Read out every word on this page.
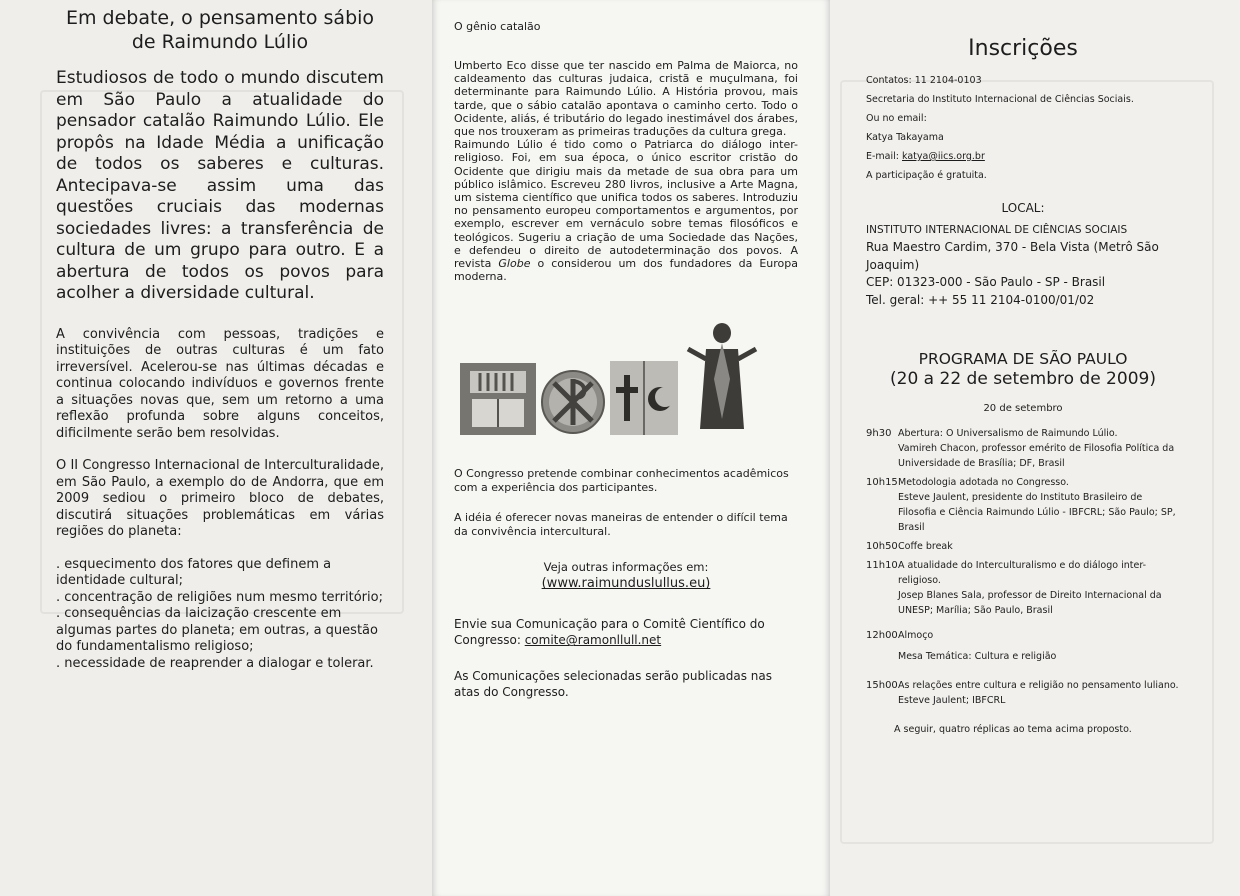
Em debate, o pensamento sábio de Raimundo Lúlio

Estudiosos de todo o mundo discutem em São Paulo a atualidade do pensador catalão Raimundo Lúlio. Ele propôs na Idade Média a unificação de todos os saberes e culturas. Antecipava-se assim uma das questões cruciais das modernas sociedades livres: a transferência de cultura de um grupo para outro. E a abertura de todos os povos para acolher a diversidade cultural.

A convivência com pessoas, tradições e instituições de outras culturas é um fato irreversível. Acelerou-se nas últimas décadas e continua colocando indivíduos e governos frente a situações novas que, sem um retorno a uma reflexão profunda sobre alguns conceitos, dificilmente serão bem resolvidas.

O II Congresso Internacional de Interculturalidade, em São Paulo, a exemplo do de Andorra, que em 2009 sediou o primeiro bloco de debates, discutirá situações problemáticas em várias regiões do planeta:

. esquecimento dos fatores que definem a identidade cultural;
. concentração de religiões num mesmo território;
. consequências da laicização crescente em algumas partes do planeta; em outras, a questão do fundamentalismo religioso;
. necessidade de reaprender a dialogar e tolerar.
O gênio catalão

Umberto Eco disse que ter nascido em Palma de Maiorca, no caldeamento das culturas judaica, cristã e muçulmana, foi determinante para Raimundo Lúlio. A História provou, mais tarde, que o sábio catalão apontava o caminho certo. Todo o Ocidente, aliás, é tributário do legado inestimável dos árabes, que nos trouxeram as primeiras traduções da cultura grega.

Raimundo Lúlio é tido como o Patriarca do diálogo inter-religioso. Foi, em sua época, o único escritor cristão do Ocidente que dirigiu mais da metade de sua obra para um público islâmico. Escreveu 280 livros, inclusive a Arte Magna, um sistema científico que unifica todos os saberes. Introduziu no pensamento europeu comportamentos e argumentos, por exemplo, escrever em vernáculo sobre temas filosóficos e teológicos. Sugeriu a criação de uma Sociedade das Nações, e defendeu o direito de autodeterminação dos povos. A revista Globe o considerou um dos fundadores da Europa moderna.

O Congresso pretende combinar conhecimentos acadêmicos com a experiência dos participantes.

A idéia é oferecer novas maneiras de entender o difícil tema da convivência intercultural.

Veja outras informações em:
(www.raimunduslullus.eu)

Envie sua Comunicação para o Comitê Científico do Congresso: comite@ramonllull.net

As Comunicações selecionadas serão publicadas nas atas do Congresso.

Inscrições

Contatos: 11 2104-0103

Secretaria do Instituto Internacional de Ciências Sociais.

Ou no email:

Katya Takayama

E-mail: katya@iics.org.br

A participação é gratuita.

LOCAL:

INSTITUTO INTERNACIONAL DE CIÊNCIAS SOCIAIS

Rua Maestro Cardim, 370 - Bela Vista (Metrô São Joaquim)

CEP: 01323-000 - São Paulo - SP - Brasil

Tel. geral: ++ 55 11 2104-0100/01/02

PROGRAMA DE SÃO PAULO

(20 a 22 de setembro de 2009)

20 de setembro

9h30 Abertura: O Universalismo de Raimundo Lúlio.
Vamireh Chacon, professor emérito de Filosofia Política da Universidade de Brasília; DF, Brasil
10h15 Metodologia adotada no Congresso.
Esteve Jaulent, presidente do Instituto Brasileiro de Filosofia e Ciência Raimundo Lúlio - IBFCRL; São Paulo; SP, Brasil
10h50 Coffe break
11h10 A atualidade do Interculturalismo e do diálogo inter-religioso.
Josep Blanes Sala, professor de Direito Internacional da UNESP; Marília; São Paulo, Brasil
12h00 Almoço

Mesa Temática: Cultura e religião

15h00 As relações entre cultura e religião no pensamento luliano. Esteve Jaulent; IBFCRL

A seguir, quatro réplicas ao tema acima proposto.
